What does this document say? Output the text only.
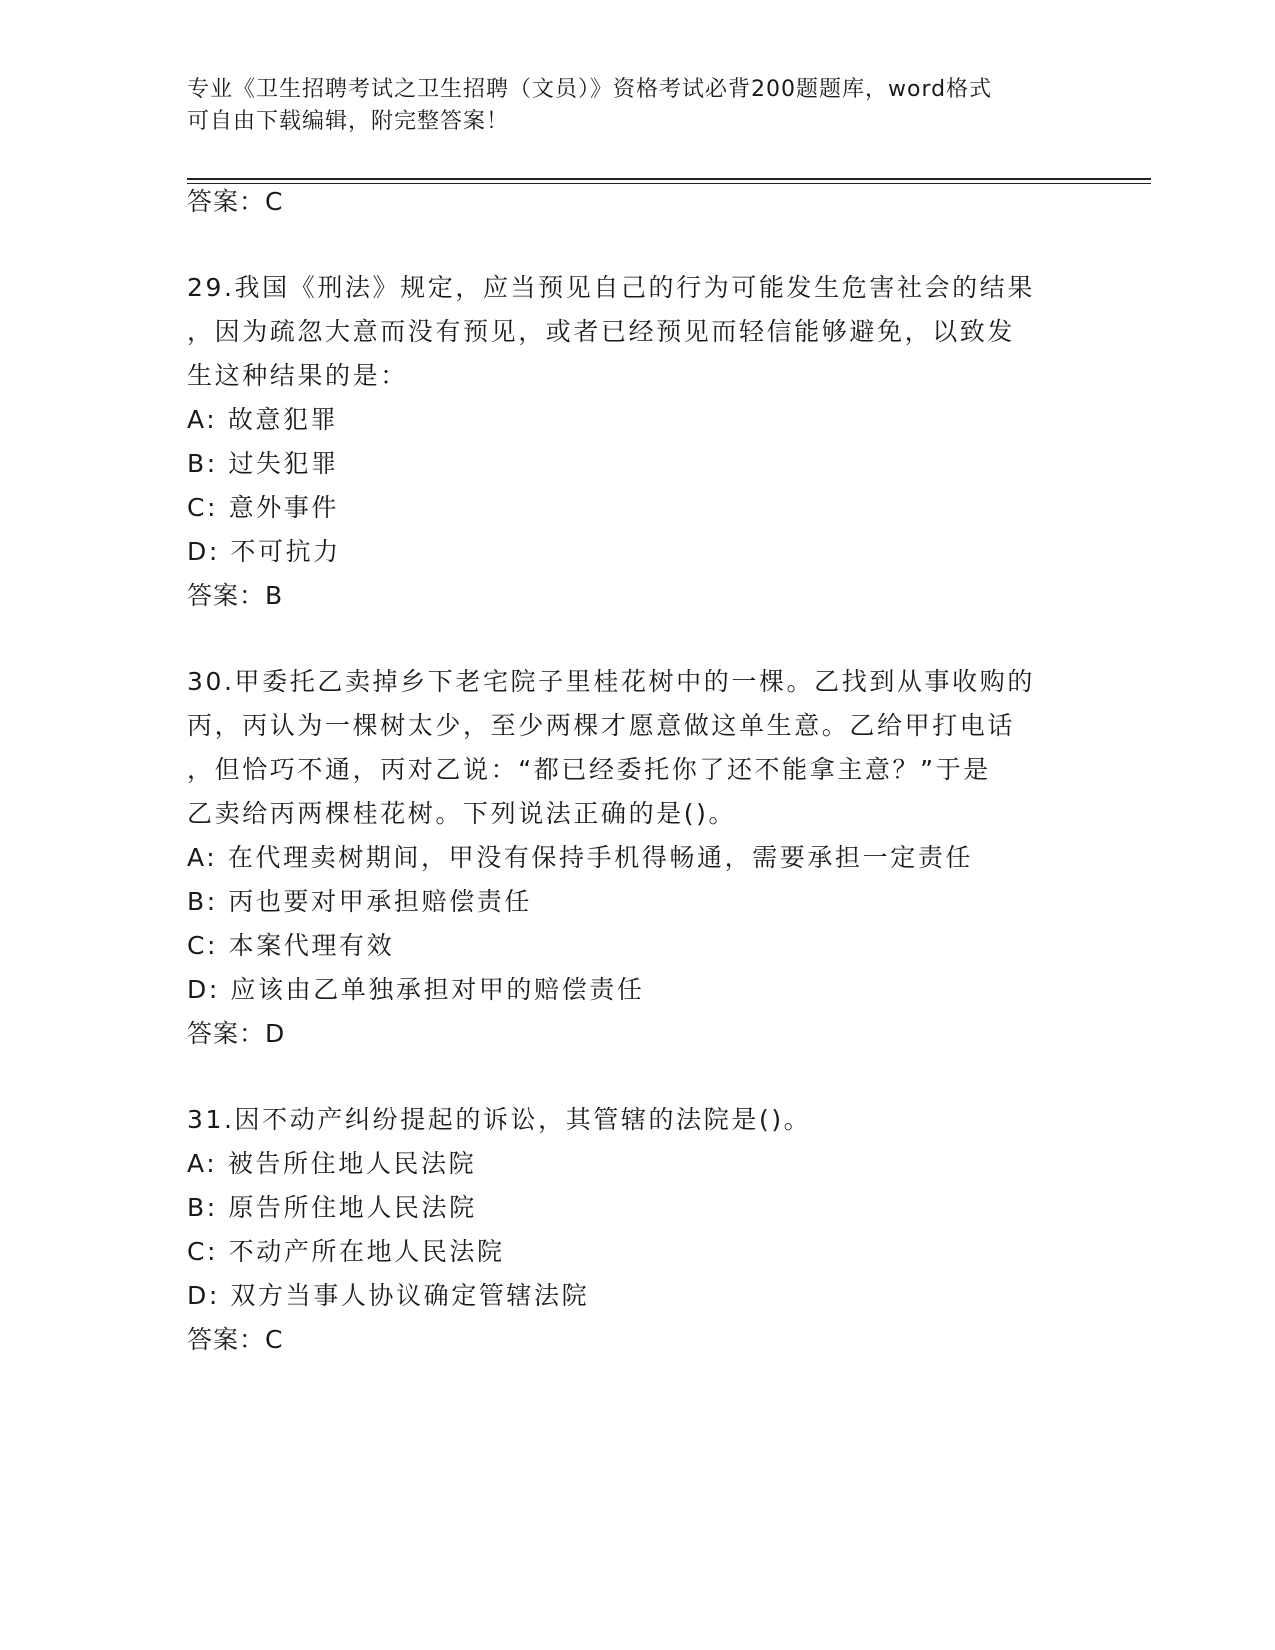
专业《卫生招聘考试之卫生招聘（文员）》资格考试必背200题题库，word格式
可自由下载编辑，附完整答案！
答案：C
29.我国《刑法》规定，应当预见自己的行为可能发生危害社会的结果
，因为疏忽大意而没有预见，或者已经预见而轻信能够避免，以致发
生这种结果的是：
A: 故意犯罪
B: 过失犯罪
C: 意外事件
D: 不可抗力
答案：B
30.甲委托乙卖掉乡下老宅院子里桂花树中的一棵。乙找到从事收购的
丙，丙认为一棵树太少，至少两棵才愿意做这单生意。乙给甲打电话
，但恰巧不通，丙对乙说：“都已经委托你了还不能拿主意？”于是
乙卖给丙两棵桂花树。下列说法正确的是()。
A: 在代理卖树期间，甲没有保持手机得畅通，需要承担一定责任
B: 丙也要对甲承担赔偿责任
C: 本案代理有效
D: 应该由乙单独承担对甲的赔偿责任
答案：D
31.因不动产纠纷提起的诉讼，其管辖的法院是()。
A: 被告所住地人民法院
B: 原告所住地人民法院
C: 不动产所在地人民法院
D: 双方当事人协议确定管辖法院
答案：C
